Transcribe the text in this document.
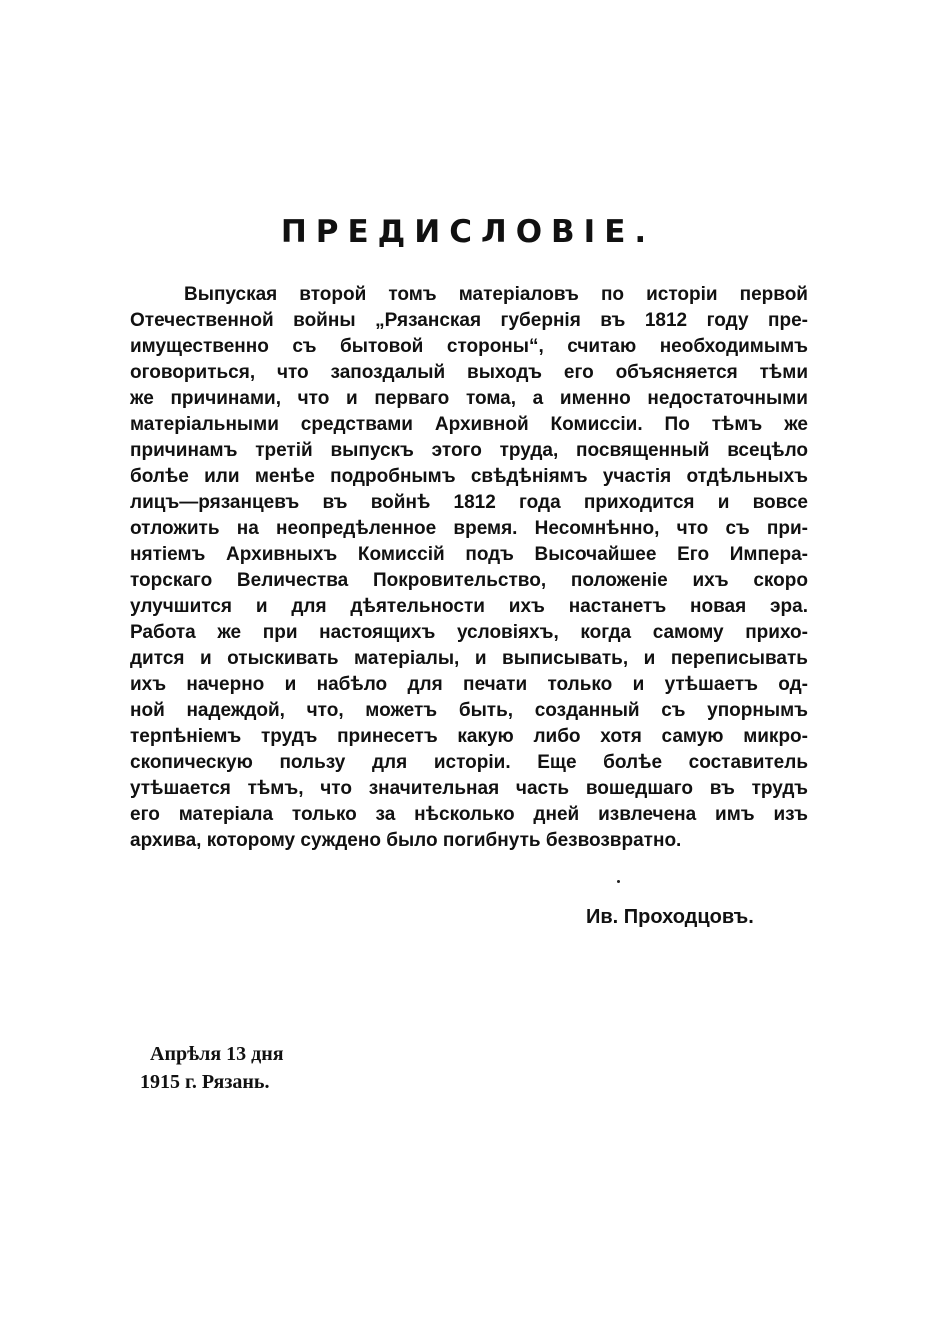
ПРЕДИСЛОВІЕ.
Выпуская второй томъ матеріаловъ по исторіи первой
Отечественной войны „Рязанская губернія въ 1812 году пре-
имущественно съ бытовой стороны“, считаю необходимымъ
оговориться, что запоздалый выходъ его объясняется тѣми
же причинами, что и перваго тома, а именно недостаточными
матеріальными средствами Архивной Комиссіи. По тѣмъ же
причинамъ третій выпускъ этого труда, посвященный всецѣло
болѣе или менѣе подробнымъ свѣдѣніямъ участія отдѣльныхъ
лицъ—рязанцевъ въ войнѣ 1812 года приходится и вовсе
отложить на неопредѣленное время. Несомнѣнно, что съ при-
нятіемъ Архивныхъ Комиссій подъ Высочайшее Его Импера-
торскаго Величества Покровительство, положеніе ихъ скоро
улучшится и для дѣятельности ихъ настанетъ новая эра.
Работа же при настоящихъ условіяхъ, когда самому прихо-
дится и отыскивать матеріалы, и выписывать, и переписывать
ихъ начерно и набѣло для печати только и утѣшаетъ од-
ной надеждой, что, можетъ быть, созданный съ упорнымъ
терпѣніемъ трудъ принесетъ какую либо хотя самую микро-
скопическую пользу для исторіи. Еще болѣе составитель
утѣшается тѣмъ, что значительная часть вошедшаго въ трудъ
его матеріала только за нѣсколько дней извлечена имъ изъ
архива, которому суждено было погибнуть безвозвратно.

Ив. Проходцовъ.

Апрѣля 13 дня
1915 г. Рязань.
